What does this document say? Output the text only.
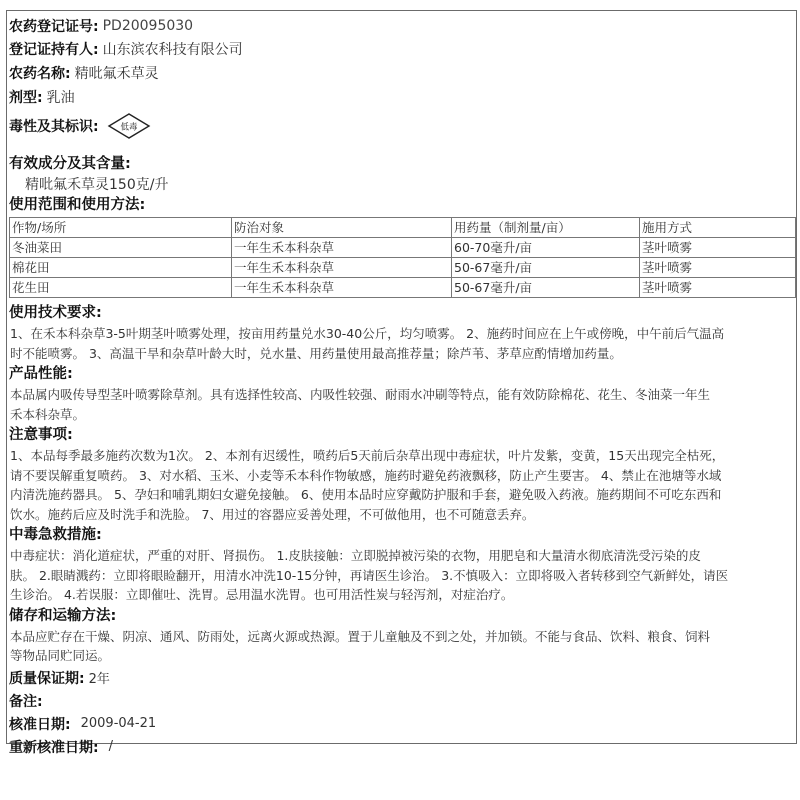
农药登记证号: PD20095030
登记证持有人: 山东滨农科技有限公司
农药名称: 精吡氟禾草灵
剂型: 乳油
毒性及其标识:	低毒
有效成分及其含量:
精吡氟禾草灵150克/升
使用范围和使用方法:
作物/场所	防治对象	用药量（制剂量/亩）	施用方式
冬油菜田	一年生禾本科杂草	60-70毫升/亩	茎叶喷雾
棉花田	一年生禾本科杂草	50-67毫升/亩	茎叶喷雾
花生田	一年生禾本科杂草	50-67毫升/亩	茎叶喷雾
使用技术要求:
1、在禾本科杂草3-5叶期茎叶喷雾处理，按亩用药量兑水30-40公斤，均匀喷雾。 2、施药时间应在上午或傍晚，中午前后气温高
时不能喷雾。 3、高温干旱和杂草叶龄大时，兑水量、用药量使用最高推荐量；除芦苇、茅草应酌情增加药量。
产品性能:
本品属内吸传导型茎叶喷雾除草剂。具有选择性较高、内吸性较强、耐雨水冲刷等特点，能有效防除棉花、花生、冬油菜一年生
禾本科杂草。
注意事项:
1、本品每季最多施药次数为1次。 2、本剂有迟缓性，喷药后5天前后杂草出现中毒症状，叶片发紫，变黄，15天出现完全枯死，
请不要误解重复喷药。 3、对水稻、玉米、小麦等禾本科作物敏感，施药时避免药液飘移，防止产生要害。 4、禁止在池塘等水域
内清洗施药器具。 5、孕妇和哺乳期妇女避免接触。 6、使用本品时应穿戴防护服和手套，避免吸入药液。施药期间不可吃东西和
饮水。施药后应及时洗手和洗脸。 7、用过的容器应妥善处理，不可做他用，也不可随意丢弃。
中毒急救措施:
中毒症状：消化道症状，严重的对肝、肾损伤。 1.皮肤接触：立即脱掉被污染的衣物，用肥皂和大量清水彻底清洗受污染的皮
肤。 2.眼睛溅药：立即将眼睑翻开，用清水冲洗10-15分钟，再请医生诊治。 3.不慎吸入：立即将吸入者转移到空气新鲜处，请医
生诊治。 4.若误服：立即催吐、洗胃。忌用温水洗胃。也可用活性炭与轻泻剂，对症治疗。
储存和运输方法:
本品应贮存在干燥、阴凉、通风、防雨处，远离火源或热源。置于儿童触及不到之处，并加锁。不能与食品、饮料、粮食、饲料
等物品同贮同运。
质量保证期: 2年
备注:
核准日期: 2009-04-21
重新核准日期: /
